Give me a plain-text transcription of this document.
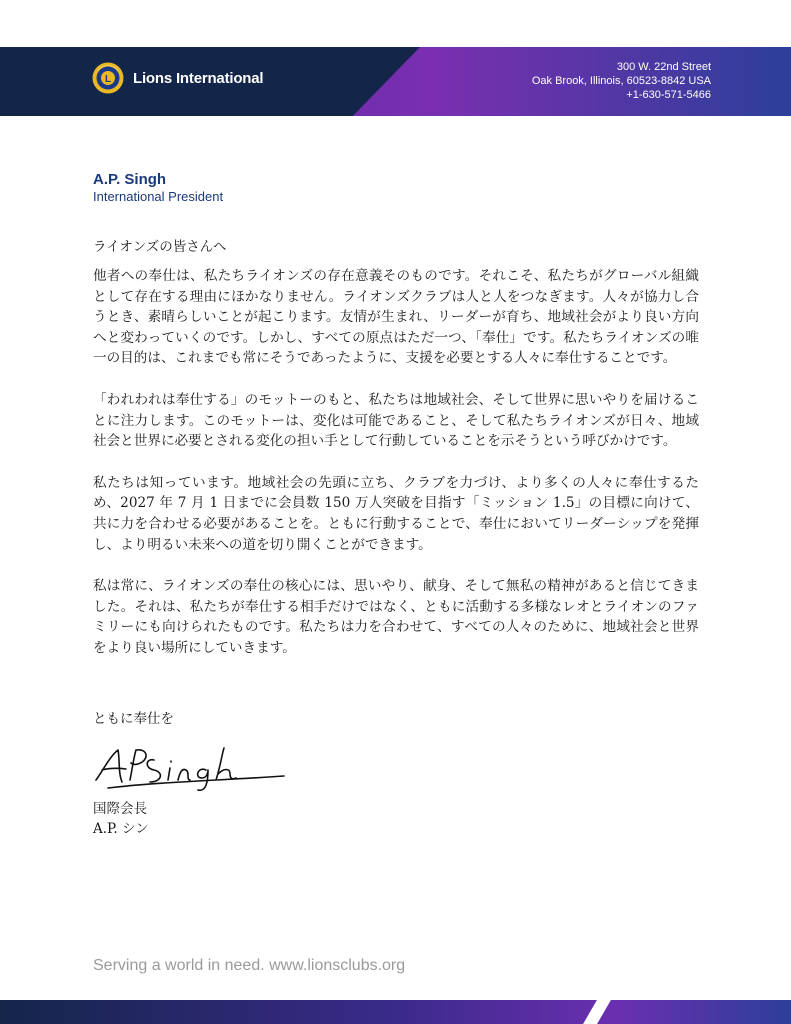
L Lions International
300 W. 22nd Street
Oak Brook, Illinois, 60523-8842 USA
+1-630-571-5466
A.P. Singh
International President
ライオンズの皆さんへ

他者への奉仕は、私たちライオンズの存在意義そのものです。それこそ、私たちがグローバル組織として存在する理由にほかなりません。ライオンズクラブは人と人をつなぎます。人々が協力し合うとき、素晴らしいことが起こります。友情が生まれ、リーダーが育ち、地域社会がより良い方向へと変わっていくのです。しかし、すべての原点はただ一つ、「奉仕」です。私たちライオンズの唯一の目的は、これまでも常にそうであったように、支援を必要とする人々に奉仕することです。

「われわれは奉仕する」のモットーのもと、私たちは地域社会、そして世界に思いやりを届けることに注力します。このモットーは、変化は可能であること、そして私たちライオンズが日々、地域社会と世界に必要とされる変化の担い手として行動していることを示そうという呼びかけです。

私たちは知っています。地域社会の先頭に立ち、クラブを力づけ、より多くの人々に奉仕するため、2027 年 7 月 1 日までに会員数 150 万人突破を目指す「ミッション 1.5」の目標に向けて、共に力を合わせる必要があることを。ともに行動することで、奉仕においてリーダーシップを発揮し、より明るい未来への道を切り開くことができます。

私は常に、ライオンズの奉仕の核心には、思いやり、献身、そして無私の精神があると信じてきました。それは、私たちが奉仕する相手だけではなく、ともに活動する多様なレオとライオンのファミリーにも向けられたものです。私たちは力を合わせて、すべての人々のために、地域社会と世界をより良い場所にしていきます。

ともに奉仕を
国際会長
A.P. シン
Serving a world in need. www.lionsclubs.org
